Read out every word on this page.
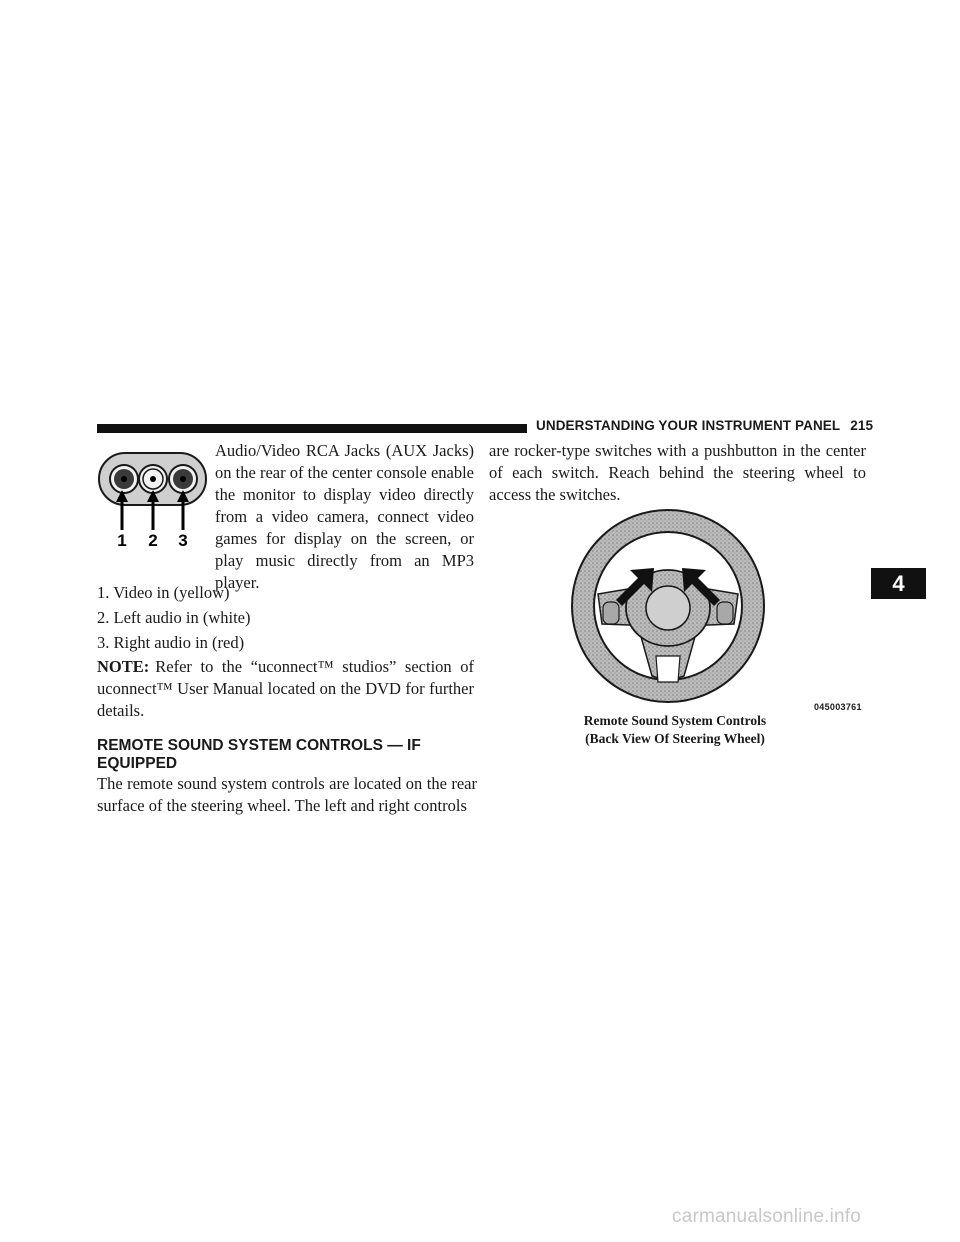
UNDERSTANDING YOUR INSTRUMENT PANEL 215
1 2 3

Audio/Video RCA Jacks (AUX Jacks) on the rear of the center console enable the monitor to display video directly from a video camera, connect video games for display on the screen, or play music directly from an MP3 player.

1. Video in (yellow)
2. Left audio in (white)
3. Right audio in (red)

NOTE: Refer to the “uconnect™ studios” section of uconnect™ User Manual located on the DVD for further details.

REMOTE SOUND SYSTEM CONTROLS — IF EQUIPPED

The remote sound system controls are located on the rear surface of the steering wheel. The left and right controls

are rocker-type switches with a pushbutton in the center of each switch. Reach behind the steering wheel to access the switches.

045003761
Remote Sound System Controls
(Back View Of Steering Wheel)
4
carmanualsonline.info
